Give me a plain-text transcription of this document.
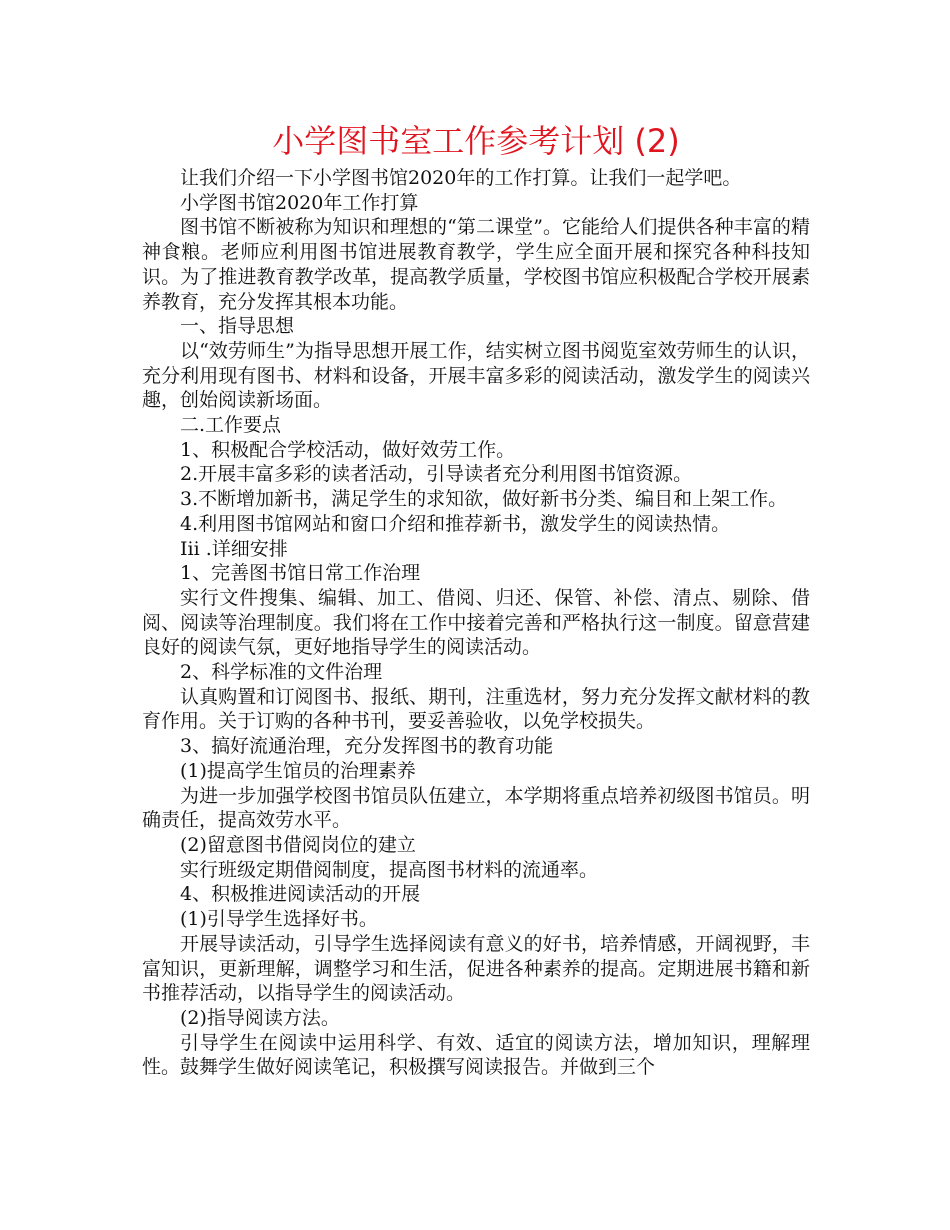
小学图书室工作参考计划 (2)

让我们介绍一下小学图书馆2020年的工作打算。让我们一起学吧。

小学图书馆2020年工作打算

图书馆不断被称为知识和理想的“第二课堂”。它能给人们提供各种丰富的精神食粮。老师应利用图书馆进展教育教学，学生应全面开展和探究各种科技知识。为了推进教育教学改革，提高教学质量，学校图书馆应积极配合学校开展素养教育，充分发挥其根本功能。

一、指导思想

以“效劳师生”为指导思想开展工作，结实树立图书阅览室效劳师生的认识，充分利用现有图书、材料和设备，开展丰富多彩的阅读活动，激发学生的阅读兴趣，创始阅读新场面。

二.工作要点

1、积极配合学校活动，做好效劳工作。

2.开展丰富多彩的读者活动，引导读者充分利用图书馆资源。

3.不断增加新书，满足学生的求知欲，做好新书分类、编目和上架工作。

4.利用图书馆网站和窗口介绍和推荐新书，激发学生的阅读热情。

Iii .详细安排

1、完善图书馆日常工作治理

实行文件搜集、编辑、加工、借阅、归还、保管、补偿、清点、剔除、借阅、阅读等治理制度。我们将在工作中接着完善和严格执行这一制度。留意营建良好的阅读气氛，更好地指导学生的阅读活动。

2、科学标准的文件治理

认真购置和订阅图书、报纸、期刊，注重选材，努力充分发挥文献材料的教育作用。关于订购的各种书刊，要妥善验收，以免学校损失。

3、搞好流通治理，充分发挥图书的教育功能

(1)提高学生馆员的治理素养

为进一步加强学校图书馆员队伍建立，本学期将重点培养初级图书馆员。明确责任，提高效劳水平。

(2)留意图书借阅岗位的建立

实行班级定期借阅制度，提高图书材料的流通率。

4、积极推进阅读活动的开展

(1)引导学生选择好书。

开展导读活动，引导学生选择阅读有意义的好书，培养情感，开阔视野，丰富知识，更新理解，调整学习和生活，促进各种素养的提高。定期进展书籍和新书推荐活动，以指导学生的阅读活动。

(2)指导阅读方法。

引导学生在阅读中运用科学、有效、适宜的阅读方法，增加知识，理解理性。鼓舞学生做好阅读笔记，积极撰写阅读报告。并做到三个
